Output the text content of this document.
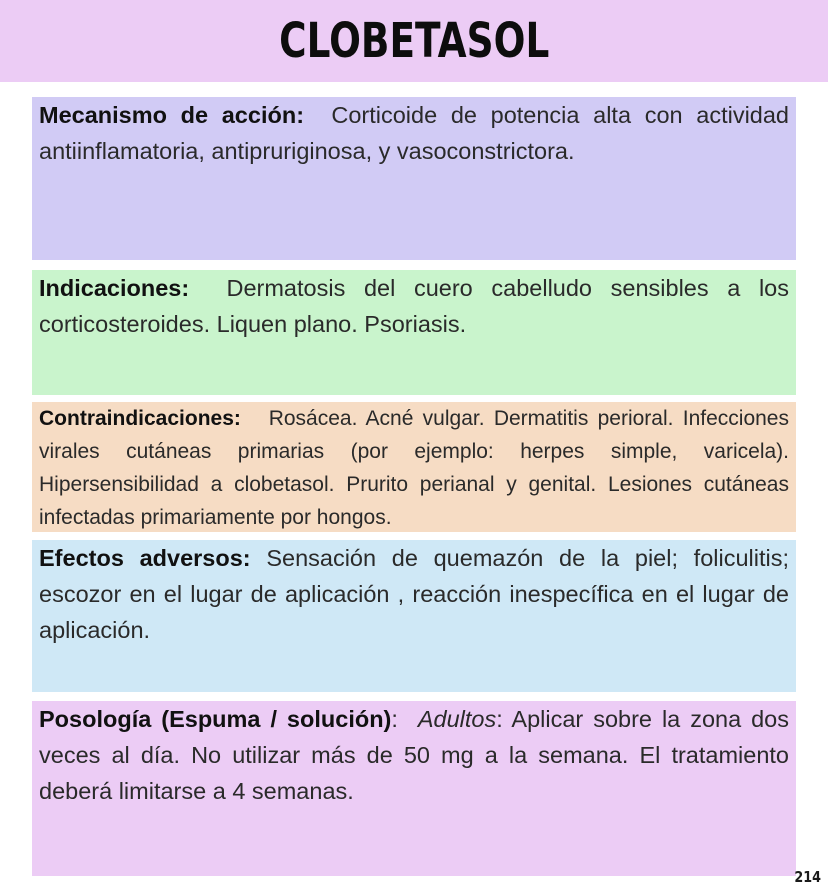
CLOBETASOL

Mecanismo de acción: Corticoide de potencia alta con actividad antiinflamatoria, antipruriginosa, y vasoconstrictora.

Indicaciones: Dermatosis del cuero cabelludo sensibles a los corticosteroides. Liquen plano. Psoriasis.

Contraindicaciones: Rosácea. Acné vulgar. Dermatitis perioral. Infecciones virales cutáneas primarias (por ejemplo: herpes simple, varicela). Hipersensibilidad a clobetasol. Prurito perianal y genital. Lesiones cutáneas infectadas primariamente por hongos.

Efectos adversos: Sensación de quemazón de la piel; foliculitis; escozor en el lugar de aplicación , reacción inespecífica en el lugar de aplicación.

Posología (Espuma / solución): Adultos: Aplicar sobre la zona dos veces al día. No utilizar más de 50 mg a la semana. El tratamiento deberá limitarse a 4 semanas.

214
